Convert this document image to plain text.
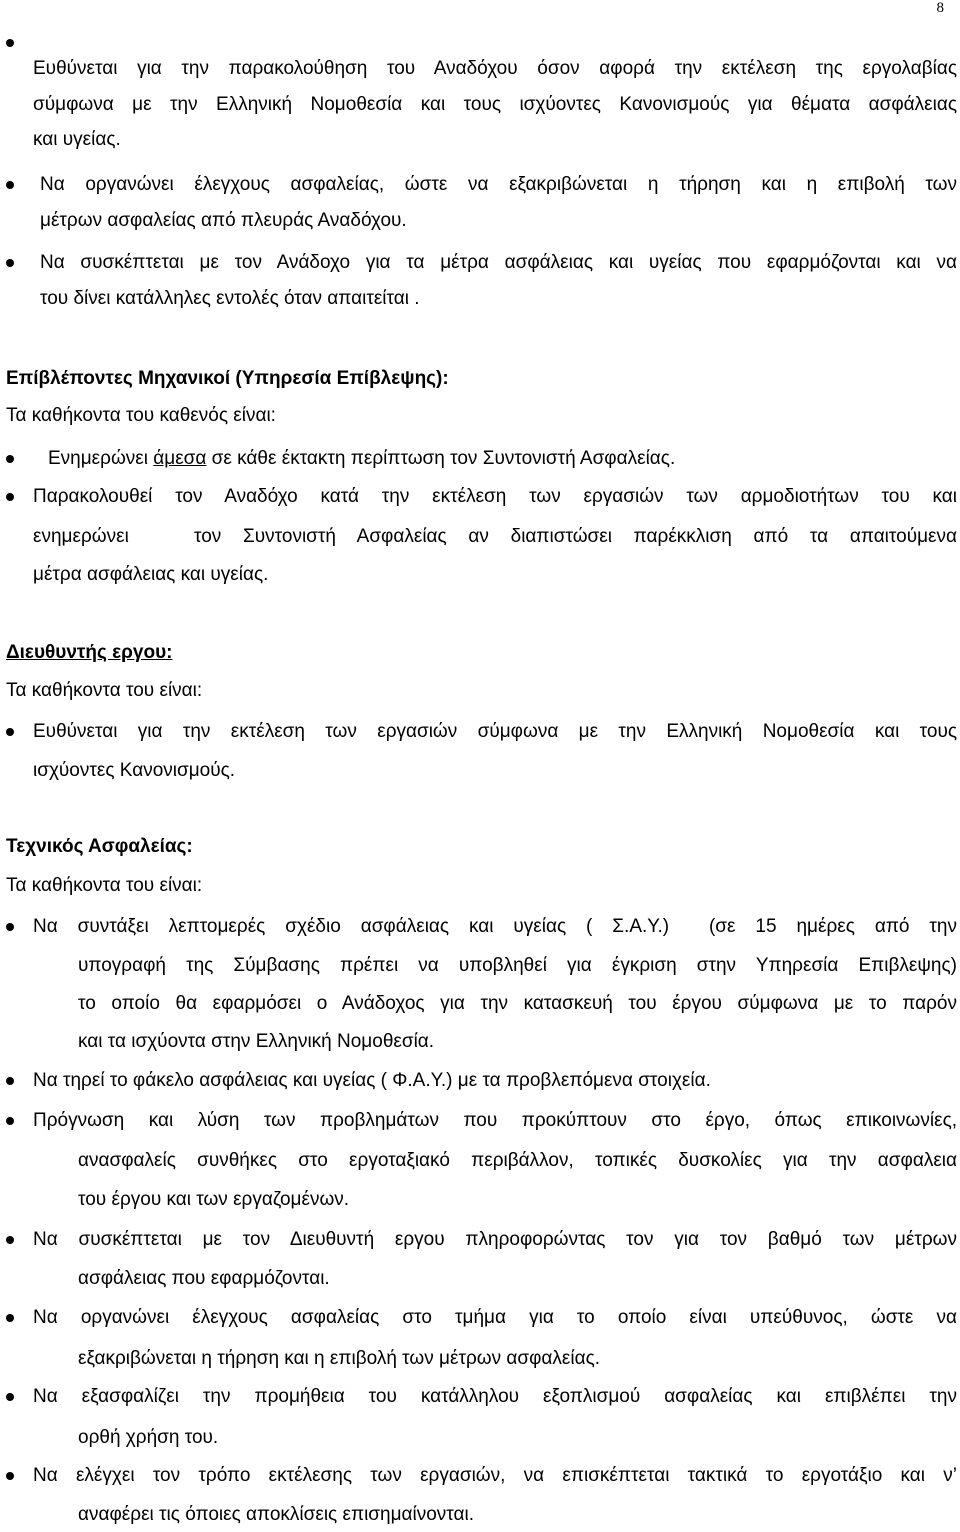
8
Ευθύνεται για την παρακολούθηση του Αναδόχου όσον αφορά την εκτέλεση της εργολαβίας
σύμφωνα με την Ελληνική Νομοθεσία και τους ισχύοντες Κανονισμούς για θέματα ασφάλειας
και υγείας.
Να οργανώνει έλεγχους ασφαλείας, ώστε να εξακριβώνεται η τήρηση και η επιβολή των
μέτρων ασφαλείας από πλευράς Αναδόχου.
Να συσκέπτεται με τον Ανάδοχο για τα μέτρα ασφάλειας και υγείας που εφαρμόζονται και να
του δίνει κατάλληλες εντολές όταν απαιτείται .
Επίβλέποντες Μηχανικοί (Υπηρεσία Επίβλεψης):
Τα καθήκοντα του καθενός είναι:
Ενημερώνει άμεσα σε κάθε έκτακτη περίπτωση τον Συντονιστή Ασφαλείας.
Παρακολουθεί τον Αναδόχο κατά την εκτέλεση των εργασιών των αρμοδιοτήτων του και
ενημερώνει   τον Συντονιστή Ασφαλείας αν διαπιστώσει παρέκκλιση από τα απαιτούμενα
μέτρα ασφάλειας και υγείας.
Διευθυντής εργου:
Τα καθήκοντα του είναι:
Ευθύνεται για την εκτέλεση των εργασιών σύμφωνα με την Ελληνική Νομοθεσία και τους
ισχύοντες Κανονισμούς.
Τεχνικός Ασφαλείας:
Τα καθήκοντα του είναι:
Να συντάξει λεπτομερές σχέδιο ασφάλειας και υγείας ( Σ.Α.Υ.)  (σε 15 ημέρες από την
υπογραφή της Σύμβασης πρέπει να υποβληθεί για έγκριση στην Υπηρεσία Επιβλεψης)
το οποίο θα εφαρμόσει ο Ανάδοχος για την κατασκευή του έργου σύμφωνα με το παρόν
και τα ισχύοντα στην Ελληνική Νομοθεσία.
Να τηρεί το φάκελο ασφάλειας και υγείας ( Φ.Α.Υ.) με τα προβλεπόμενα στοιχεία.
Πρόγνωση και λύση των προβλημάτων που προκύπτουν στο έργο, όπως επικοινωνίες,
ανασφαλείς συνθήκες στο εργοταξιακό περιβάλλον, τοπικές δυσκολίες για την ασφαλεια
του έργου και των εργαζομένων.
Να συσκέπτεται με τον Διευθυντή εργου πληροφορώντας τον για τον βαθμό των μέτρων
ασφάλειας που εφαρμόζονται.
Να οργανώνει έλεγχους ασφαλείας στο τμήμα για το οποίο είναι υπεύθυνος, ώστε να
εξακριβώνεται η τήρηση και η επιβολή των μέτρων ασφαλείας.
Να εξασφαλίζει την προμήθεια του κατάλληλου εξοπλισμού ασφαλείας και επιβλέπει την
ορθή χρήση του.
Να ελέγχει τον τρόπο εκτέλεσης των εργασιών, να επισκέπτεται τακτικά το εργοτάξιο και ν’
αναφέρει τις όποιες αποκλίσεις επισημαίνονται.
